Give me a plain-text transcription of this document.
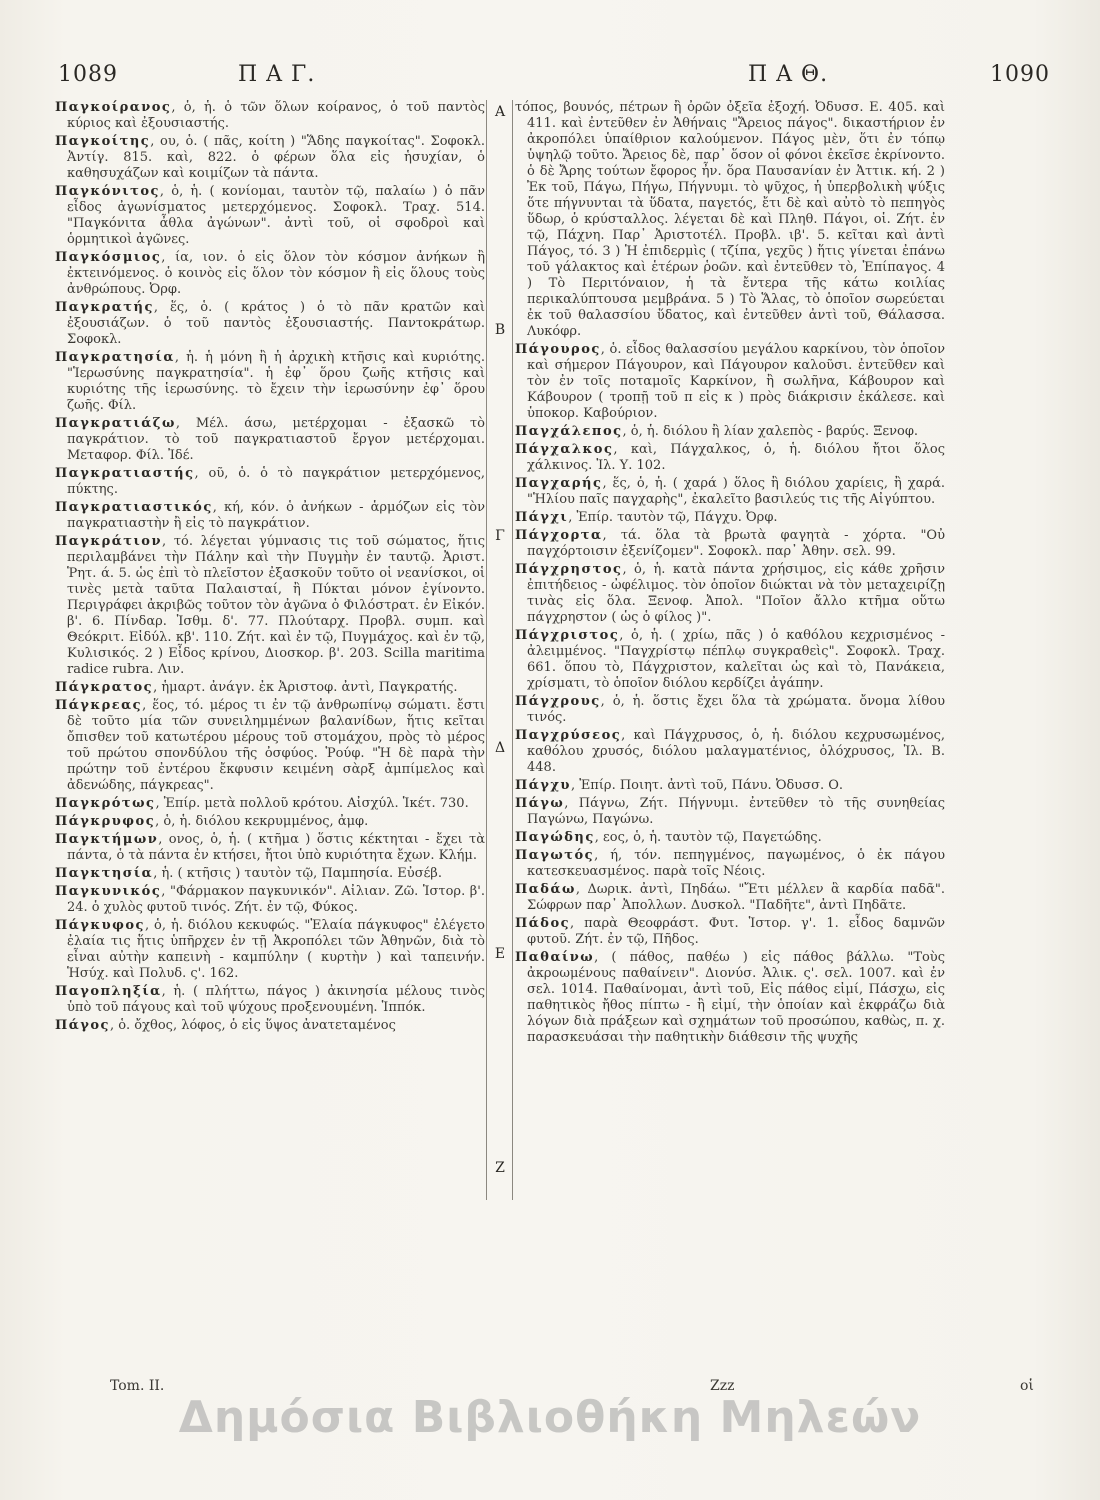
1089	Π Α Γ.	Π Α Θ.	1090
A
B
Γ
Δ
E
Z

Παγκοίρανος, ὁ, ἡ. ὁ τῶν ὅλων κοίρανος, ὁ τοῦ παντὸς κύριος καὶ ἐξουσιαστής.

Παγκοίτης, ου, ὁ. ( πᾶς, κοίτη ) "Ἅδης παγκοίτας". Σοφοκλ. Ἀντίγ. 815. καὶ, 822. ὁ φέρων ὅλα εἰς ἡσυχίαν, ὁ καθησυχάζων καὶ κοιμίζων τὰ πάντα.

Παγκόνιτος, ὁ, ἡ. ( κονίομαι, ταυτὸν τῷ, παλαίω ) ὁ πᾶν εἶδος ἀγωνίσματος μετερχόμενος. Σοφοκλ. Τραχ. 514. "Παγκόνιτα ἆθλα ἀγώνων". ἀντὶ τοῦ, οἱ σφοδροὶ καὶ ὁρμητικοὶ ἀγῶνες.

Παγκόσμιος, ία, ιον. ὁ εἰς ὅλον τὸν κόσμον ἀνήκων ἢ ἐκτεινόμενος. ὁ κοινὸς εἰς ὅλον τὸν κόσμον ἢ εἰς ὅλους τοὺς ἀνθρώπους. Ὀρφ.

Παγκρατής, ἕς, ὁ. ( κράτος ) ὁ τὸ πᾶν κρατῶν καὶ ἐξουσιάζων. ὁ τοῦ παντὸς ἐξουσιαστής. Παντοκράτωρ. Σοφοκλ.

Παγκρατησία, ἡ. ἡ μόνη ἢ ἡ ἀρχικὴ κτῆσις καὶ κυριότης. "Ἱερωσύνης παγκρατησία". ἡ ἐφ᾽ ὅρου ζωῆς κτῆσις καὶ κυριότης τῆς ἱερωσύνης. τὸ ἔχειν τὴν ἱερωσύνην ἐφ᾽ ὅρου ζωῆς. Φίλ.

Παγκρατιάζω, Μέλ. άσω, μετέρχομαι - ἐξασκῶ τὸ παγκράτιον. τὸ τοῦ παγκρατιαστοῦ ἔργον μετέρχομαι. Μεταφορ. Φίλ. Ἰδέ.

Παγκρατιαστής, οῦ, ὁ. ὁ τὸ παγκράτιον μετερχόμενος, πύκτης.

Παγκρατιαστικός, κή, κόν. ὁ ἀνήκων - ἁρμόζων εἰς τὸν παγκρατιαστὴν ἢ εἰς τὸ παγκράτιον.

Παγκράτιον, τό. λέγεται γύμνασις τις τοῦ σώματος, ἥτις περιλαμβάνει τὴν Πάλην καὶ τὴν Πυγμὴν ἐν ταυτῷ. Ἀριστ. Ῥητ. ά. 5. ὡς ἐπὶ τὸ πλεῖστον ἐξασκοῦν τοῦτο οἱ νεανίσκοι, οἱ τινὲς μετὰ ταῦτα Παλαισταί, ἢ Πύκται μόνον ἐγίνοντο. Περιγράφει ἀκριβῶς τοῦτον τὸν ἀγῶνα ὁ Φιλόστρατ. ἐν Εἰκόν. β'. 6. Πίνδαρ. Ἰσθμ. δ'. 77. Πλούταρχ. Προβλ. συμπ. καὶ Θεόκριτ. Εἰδύλ. κβ'. 110. Ζήτ. καὶ ἐν τῷ, Πυγμάχος. καὶ ἐν τῷ, Κυλισικός. 2 ) Εἶδος κρίνου, Διοσκορ. β'. 203. Scilla maritima radice rubra. Λιν.

Πάγκρατος, ἡμαρτ. ἀνάγν. ἐκ Ἀριστοφ. ἀντὶ, Παγκρατής.

Πάγκρεας, ἕος, τό. μέρος τι ἐν τῷ ἀνθρωπίνῳ σώματι. ἔστι δὲ τοῦτο μία τῶν συνειλημμένων βαλανίδων, ἥτις κεῖται ὄπισθεν τοῦ κατωτέρου μέρους τοῦ στομάχου, πρὸς τὸ μέρος τοῦ πρώτου σπονδύλου τῆς ὀσφύος. Ῥούφ. "Ἡ δὲ παρὰ τὴν πρώτην τοῦ ἐντέρου ἔκφυσιν κειμένη σὰρξ ἀμπίμελος καὶ ἀδενώδης, πάγκρεας".

Παγκρότως, Ἐπίρ. μετὰ πολλοῦ κρότου. Αἰσχύλ. Ἱκέτ. 730.

Πάγκρυφος, ὁ, ἡ. διόλου κεκρυμμένος, ἀμφ.

Παγκτήμων, ονος, ὁ, ἡ. ( κτῆμα ) ὅστις κέκτηται - ἔχει τὰ πάντα, ὁ τὰ πάντα ἐν κτήσει, ἤτοι ὑπὸ κυριότητα ἔχων. Κλήμ.

Παγκτησία, ἡ. ( κτῆσις ) ταυτὸν τῷ, Παμπησία. Εὐσέβ.

Παγκυνικός, "Φάρμακον παγκυνικόν". Αἰλιαν. Ζῶ. Ἱστορ. β'. 24. ὁ χυλὸς φυτοῦ τινός. Ζήτ. ἐν τῷ, Φύκος.

Πάγκυφος, ὁ, ἡ. διόλου κεκυφώς. "Ἐλαία πάγκυφος" ἐλέγετο ἐλαία τις ἥτις ὑπῆρχεν ἐν τῇ Ἀκροπόλει τῶν Ἀθηνῶν, διὰ τὸ εἶναι αὐτὴν καπεινὴ - καμπύλην ( κυρτὴν ) καὶ ταπεινήν. Ἡσύχ. καὶ Πολυδ. ς'. 162.

Παγοπληξία, ἡ. ( πλήττω, πάγος ) ἀκινησία μέλους τινὸς ὑπὸ τοῦ πάγους καὶ τοῦ ψύχους προξενουμένη. Ἱππόκ.

Πάγος, ὁ. ὄχθος, λόφος, ὁ εἰς ὕψος ἀνατεταμένος

τόπος, βουνός, πέτρων ἢ ὀρῶν ὀξεῖα ἐξοχή. Ὀδυσσ. Ε. 405. καὶ 411. καὶ ἐντεῦθεν ἐν Ἀθήναις "Ἄρειος πάγος". δικαστήριον ἐν ἀκροπόλει ὑπαίθριον καλούμενον. Πάγος μὲν, ὅτι ἐν τόπῳ ὑψηλῷ τοῦτο. Ἄρειος δὲ, παρ᾽ ὅσον οἱ φόνοι ἐκεῖσε ἐκρίνοντο. ὁ δὲ Ἄρης τούτων ἔφορος ἦν. ὅρα Παυσανίαν ἐν Ἀττικ. κή. 2 ) Ἐκ τοῦ, Πάγω, Πήγω, Πήγνυμι. τὸ ψῦχος, ἡ ὑπερβολικὴ ψύξις ὅτε πήγνυνται τὰ ὕδατα, παγετός, ἔτι δὲ καὶ αὐτὸ τὸ πεπηγὸς ὕδωρ, ὁ κρύσταλλος. λέγεται δὲ καὶ Πληθ. Πάγοι, οἱ. Ζήτ. ἐν τῷ, Πάχνη. Παρ᾽ Ἀριστοτέλ. Προβλ. ιβ'. 5. κεῖται καὶ ἀντὶ Πάγος, τό. 3 ) Ἡ ἐπιδερμὶς ( τζίπα, γεχῦς ) ἥτις γίνεται ἐπάνω τοῦ γάλακτος καὶ ἑτέρων ῥοῶν. καὶ ἐντεῦθεν τὸ, Ἐπίπαγος. 4 ) Τὸ Περιτόναιον, ἡ τὰ ἔντερα τῆς κάτω κοιλίας περικαλύπτουσα μεμβράνα. 5 ) Τὸ Ἅλας, τὸ ὁποῖον σωρεύεται ἐκ τοῦ θαλασσίου ὕδατος, καὶ ἐντεῦθεν ἀντὶ τοῦ, Θάλασσα. Λυκόφρ.

Πάγουρος, ὁ. εἶδος θαλασσίου μεγάλου καρκίνου, τὸν ὁποῖον καὶ σήμερον Πάγουρον, καὶ Πάγουρον καλοῦσι. ἐντεῦθεν καὶ τὸν ἐν τοῖς ποταμοῖς Καρκίνον, ἢ σωλῆνα, Κάβουρον καὶ Κάβουρον ( τροπῇ τοῦ π εἰς κ ) πρὸς διάκρισιν ἐκάλεσε. καὶ ὑποκορ. Καβούριον.

Παγχάλεπος, ὁ, ἡ. διόλου ἢ λίαν χαλεπὸς - βαρύς. Ξενοφ.

Πάγχαλκος, καὶ, Πάγχαλκος, ὁ, ἡ. διόλου ἤτοι ὅλος χάλκινος. Ἰλ. Υ. 102.

Παγχαρής, ἕς, ὁ, ἡ. ( χαρά ) ὅλος ἢ διόλου χαρίεις, ἢ χαρά. "Ἡλίου παῖς παγχαρὴς", ἐκαλεῖτο βασιλεύς τις τῆς Αἰγύπτου.

Πάγχι, Ἐπίρ. ταυτὸν τῷ, Πάγχυ. Ὀρφ.

Πάγχορτα, τά. ὅλα τὰ βρωτὰ φαγητὰ - χόρτα. "Οὐ παγχόρτοισιν ἐξενίζομεν". Σοφοκλ. παρ᾽ Ἀθην. σελ. 99.

Πάγχρηστος, ὁ, ἡ. κατὰ πάντα χρήσιμος, εἰς κάθε χρῆσιν ἐπιτήδειος - ὠφέλιμος. τὸν ὁποῖον διώκται νὰ τὸν μεταχειρίζῃ τινὰς εἰς ὅλα. Ξενοφ. Ἀπολ. "Ποῖον ἄλλο κτῆμα οὕτω πάγχρηστον ( ὡς ὁ φίλος )".

Πάγχριστος, ὁ, ἡ. ( χρίω, πᾶς ) ὁ καθόλου κεχρισμένος - ἀλειμμένος. "Παγχρίστῳ πέπλῳ συγκραθεὶς". Σοφοκλ. Τραχ. 661. ὅπου τὸ, Πάγχριστον, καλεῖται ὡς καὶ τὸ, Πανάκεια, χρίσματι, τὸ ὁποῖον διόλου κερδίζει ἀγάπην.

Πάγχρους, ὁ, ἡ. ὅστις ἔχει ὅλα τὰ χρώματα. ὄνομα λίθου τινός.

Παγχρύσεος, καὶ Πάγχρυσος, ὁ, ἡ. διόλου κεχρυσωμένος, καθόλου χρυσός, διόλου μαλαγματένιος, ὁλόχρυσος, Ἰλ. Β. 448.

Πάγχυ, Ἐπίρ. Ποιητ. ἀντὶ τοῦ, Πάνυ. Ὀδυσσ. Ο.

Πάγω, Πάγνω, Ζήτ. Πήγνυμι. ἐντεῦθεν τὸ τῆς συνηθείας Παγώνω, Παγώνω.

Παγώδης, εος, ὁ, ἡ. ταυτὸν τῷ, Παγετώδης.

Παγωτός, ή, τόν. πεπηγμένος, παγωμένος, ὁ ἐκ πάγου κατεσκευασμένος. παρὰ τοῖς Νέοις.

Παδάω, Δωρικ. ἀντὶ, Πηδάω. "Ἔτι μέλλεν ἃ καρδία παδᾶ". Σώφρων παρ᾽ Ἀπολλων. Δυσκολ. "Παδῆτε", ἀντὶ Πηδᾶτε.

Πάδος, παρὰ Θεοφράστ. Φυτ. Ἱστορ. γ'. 1. εἶδος δαμνῶν φυτοῦ. Ζήτ. ἐν τῷ, Πῆδος.

Παθαίνω, ( πάθος, παθέω ) εἰς πάθος βάλλω. "Τοὺς ἀκροωμένους παθαίνειν". Διονύσ. Ἀλικ. ς'. σελ. 1007. καὶ ἐν σελ. 1014. Παθαίνομαι, ἀντὶ τοῦ, Εἰς πάθος εἰμί, Πάσχω, εἰς παθητικὸς ἤθος πίπτω - ἢ εἰμί, τὴν ὁποίαν καὶ ἐκφράζω διὰ λόγων διὰ πράξεων καὶ σχημάτων τοῦ προσώπου, καθὼς, π. χ. παρασκευάσαι τὴν παθητικὴν διάθεσιν τῆς ψυχῆς

Tom. II.	Zzz	οἱ
Δημόσια Βιβλιοθήκη Μηλεών
